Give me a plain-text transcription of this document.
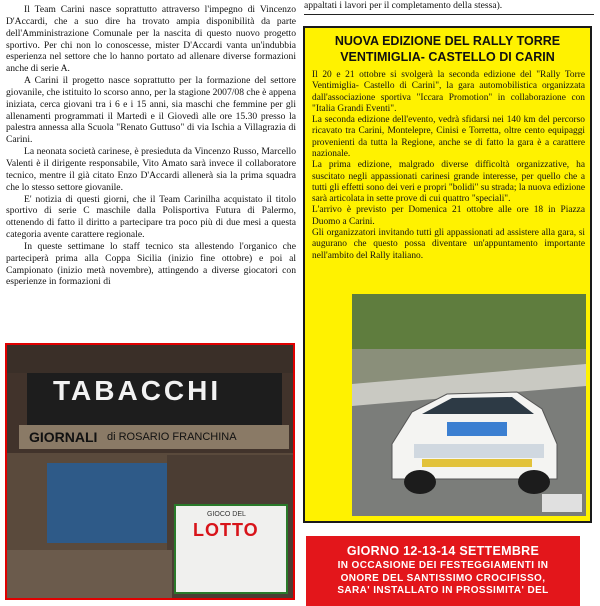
Il Team Carini nasce soprattutto attraverso l'impegno di Vincenzo D'Accardi, che a suo dire ha trovato ampia disponibilità da parte dell'Amministrazione Comunale per la nascita di questo nuovo progetto sportivo. Per chi non lo conoscesse, mister D'Accardi vanta un'indubbia esperienza nel settore che lo hanno portato ad allenare diverse formazioni anche di serie A.

A Carini il progetto nasce soprattutto per la formazione del settore giovanile, che istituito lo scorso anno, per la stagione 2007/08 che è appena iniziata, cerca giovani tra i 6 e i 15 anni, sia maschi che femmine per gli allenamenti programmati il Martedì e il Giovedì alle ore 15.30 presso la palestra annessa alla Scuola "Renato Guttuso" di via Ischia a Villagrazia di Carini.

La neonata società carinese, è presieduta da Vincenzo Russo, Marcello Valenti è il dirigente responsabile, Vito Amato sarà invece il collaboratore tecnico, mentre il già citato Enzo D'Accardi allenerà sia la prima squadra che lo stesso settore giovanile.

E' notizia di questi giorni, che il Team Carinilha acquistato il titolo sportivo di serie C maschile dalla Polisportiva Futura di Palermo, ottenendo di fatto il diritto a partecipare tra poco più di due mesi a questa categoria avente carattere regionale.

In queste settimane lo staff tecnico sta allestendo l'organico che parteciperà prima alla Coppa Sicilia (inizio fine ottobre) e poi al Campionato (inizio metà novembre), attingendo a diverse giocatori con esperienze in formazioni di

appaltati i lavori per il completamento della stessa).
NUOVA EDIZIONE DEL RALLY TORRE
VENTIMIGLIA- CASTELLO DI CARIN

Il 20 e 21 ottobre si svolgerà la seconda edizione del "Rally Torre Ventimiglia- Castello di Carini", la gara automobilistica organizzata dall'associazione sportiva "Iccara Promotion" in collaborazione con "Italia Grandi Eventi".

La seconda edizione dell'evento, vedrà sfidarsi nei 140 km del percorso ricavato tra Carini, Montelepre, Cinisi e Torretta, oltre cento equipaggi provenienti da tutta la Regione, anche se di fatto la gara è a carattere nazionale.

La prima edizione, malgrado diverse difficoltà organizzative, ha suscitato negli appassionati carinesi grande interesse, per quello che a tutti gli effetti sono dei veri e propri "bolidi" su strada; la nuova edizione sarà articolata in sette prove di cui quattro "speciali".

L'arrivo è previsto per Domenica 21 ottobre alle ore 18 in Piazza Duomo a Carini.

Gli organizzatori invitando tutti gli appassionati ad assistere alla gara, si augurano che questo possa diventare un'appuntamento importante nell'ambito del Rally italiano.

TABACCHI
GIORNALI di ROSARIO FRANCHINA
GIOCO DEL
LOTTO
GIORNO 12-13-14 SETTEMBRE
IN OCCASIONE DEI FESTEGGIAMENTI IN
ONORE DEL SANTISSIMO CROCIFISSO,
SARA' INSTALLATO IN PROSSIMITA' DEL
